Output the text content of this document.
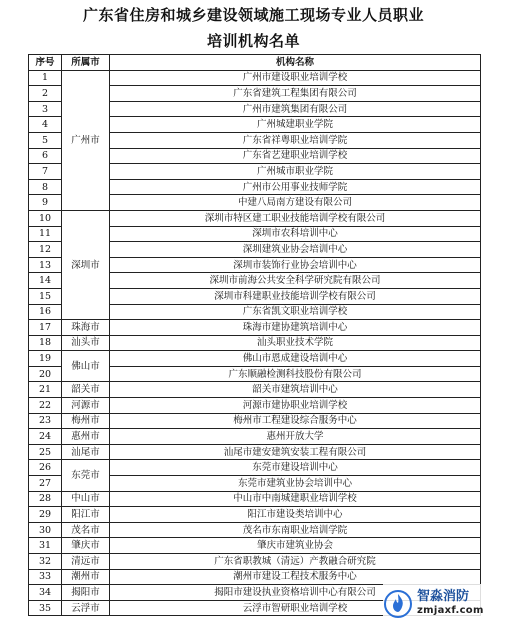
广东省住房和城乡建设领域施工现场专业人员职业
培训机构名单
序号	所属市	机构名称
1	广州市	广州市建设职业培训学校
2		广东省建筑工程集团有限公司
3		广州市建筑集团有限公司
4		广州城建职业学院
5		广东省祥粤职业培训学院
6		广东省艺建职业培训学校
7		广州城市职业学院
8		广州市公用事业技师学院
9		中建八局南方建设有限公司
10	深圳市	深圳市特区建工职业技能培训学校有限公司
11		深圳市农科培训中心
12		深圳建筑业协会培训中心
13		深圳市装饰行业协会培训中心
14		深圳市前海公共安全科学研究院有限公司
15		深圳市科建职业技能培训学校有限公司
16		广东省凯文职业培训学校
17	珠海市	珠海市建协建筑培训中心
18	汕头市	汕头职业技术学院
19	佛山市	佛山市恩成建设培训中心
20		广东顺融检测科技股份有限公司
21	韶关市	韶关市建筑培训中心
22	河源市	河源市建协职业培训学校
23	梅州市	梅州市工程建设综合服务中心
24	惠州市	惠州开放大学
25	汕尾市	汕尾市建安建筑安装工程有限公司
26	东莞市	东莞市建设培训中心
27		东莞市建筑业协会培训中心
28	中山市	中山市中南城建职业培训学校
29	阳江市	阳江市建设类培训中心
30	茂名市	茂名市东南职业培训学院
31	肇庆市	肇庆市建筑业协会
32	清远市	广东省职教城（清远）产教融合研究院
33	潮州市	潮州市建设工程技术服务中心
34	揭阳市	揭阳市建设执业资格培训中心有限公司
35	云浮市	云浮市智研职业培训学校
智淼消防
zmjaxf.com
